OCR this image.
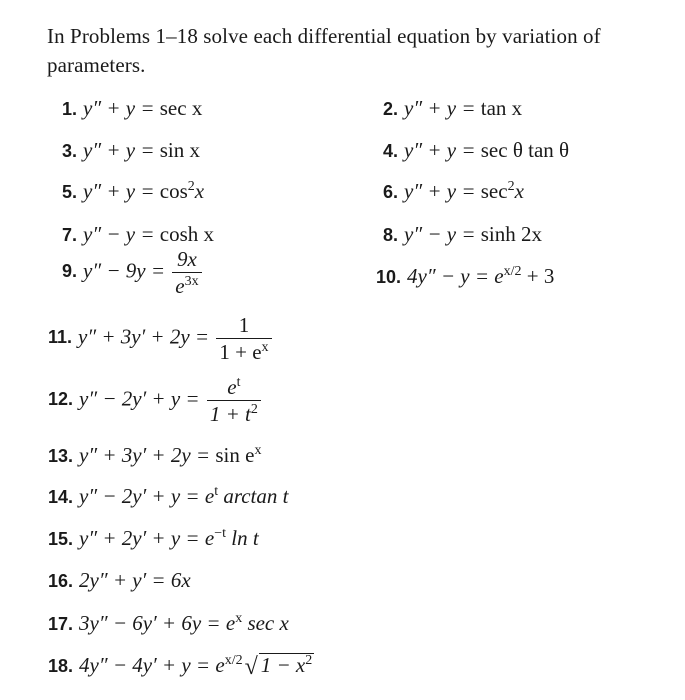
In Problems 1–18 solve each differential equation by variation of parameters.
1. y″ + y = sec x	2. y″ + y = tan x
3. y″ + y = sin x	4. y″ + y = sec θ tan θ
5. $y'' + y = \cos^2x$	6. $y'' + y = \sec^2x$
7. y″ − y = cosh x	8. y″ − y = sinh 2x
9. $y'' - 9y = \frac{9x}{e^{3x}}$	10. $4y'' - y = e^{x/2} + 3$
11. $y'' + 3y' + 2y = \frac{1}{1 + e^x}$
12. $y'' - 2y' + y = \frac{e^t}{1 + t^2}$
13. $y'' + 3y' + 2y = \sin e^x$
14. $y'' - 2y' + y = e^t$ arctan t
15. $y'' + 2y' + y = e^{-t}$ ln t
16. 2y″ + y′ = 6x
17. $3y'' - 6y' + 6y = e^x$ sec x
18. $4y'' - 4y' + y = e^{x/2}√$ $1 - x^2$
